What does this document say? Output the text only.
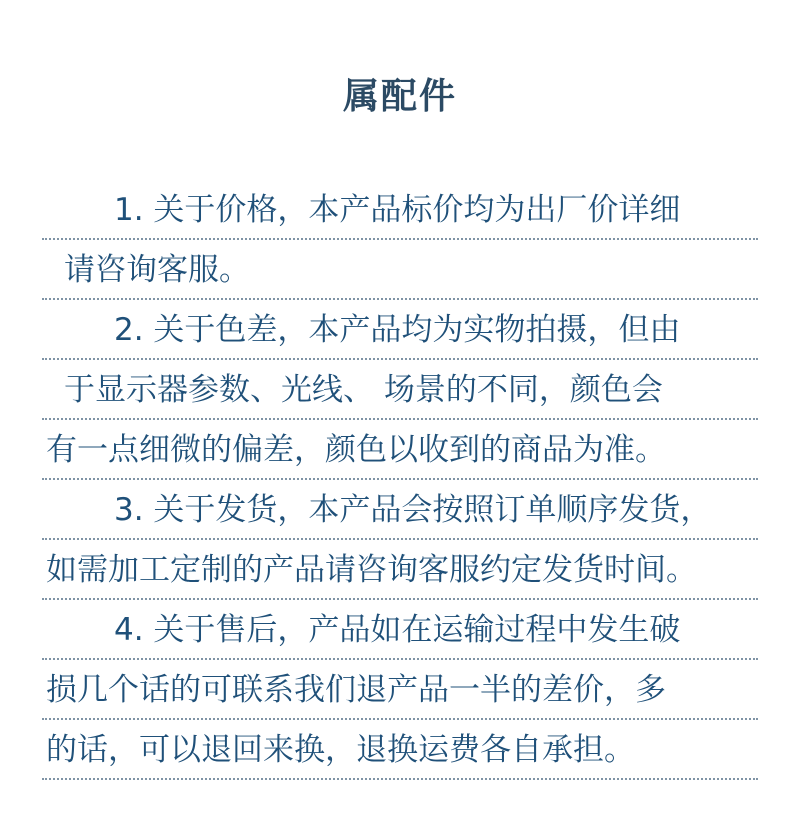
属配件
1. 关于价格，本产品标价均为出厂价详细
请咨询客服。
2. 关于色差，本产品均为实物拍摄，但由
于显示器参数、光线、 场景的不同，颜色会
有一点细微的偏差，颜色以收到的商品为准。
3. 关于发货，本产品会按照订单顺序发货，
如需加工定制的产品请咨询客服约定发货时间。
4. 关于售后，产品如在运输过程中发生破
损几个话的可联系我们退产品一半的差价，多
的话，可以退回来换，退换运费各自承担。
